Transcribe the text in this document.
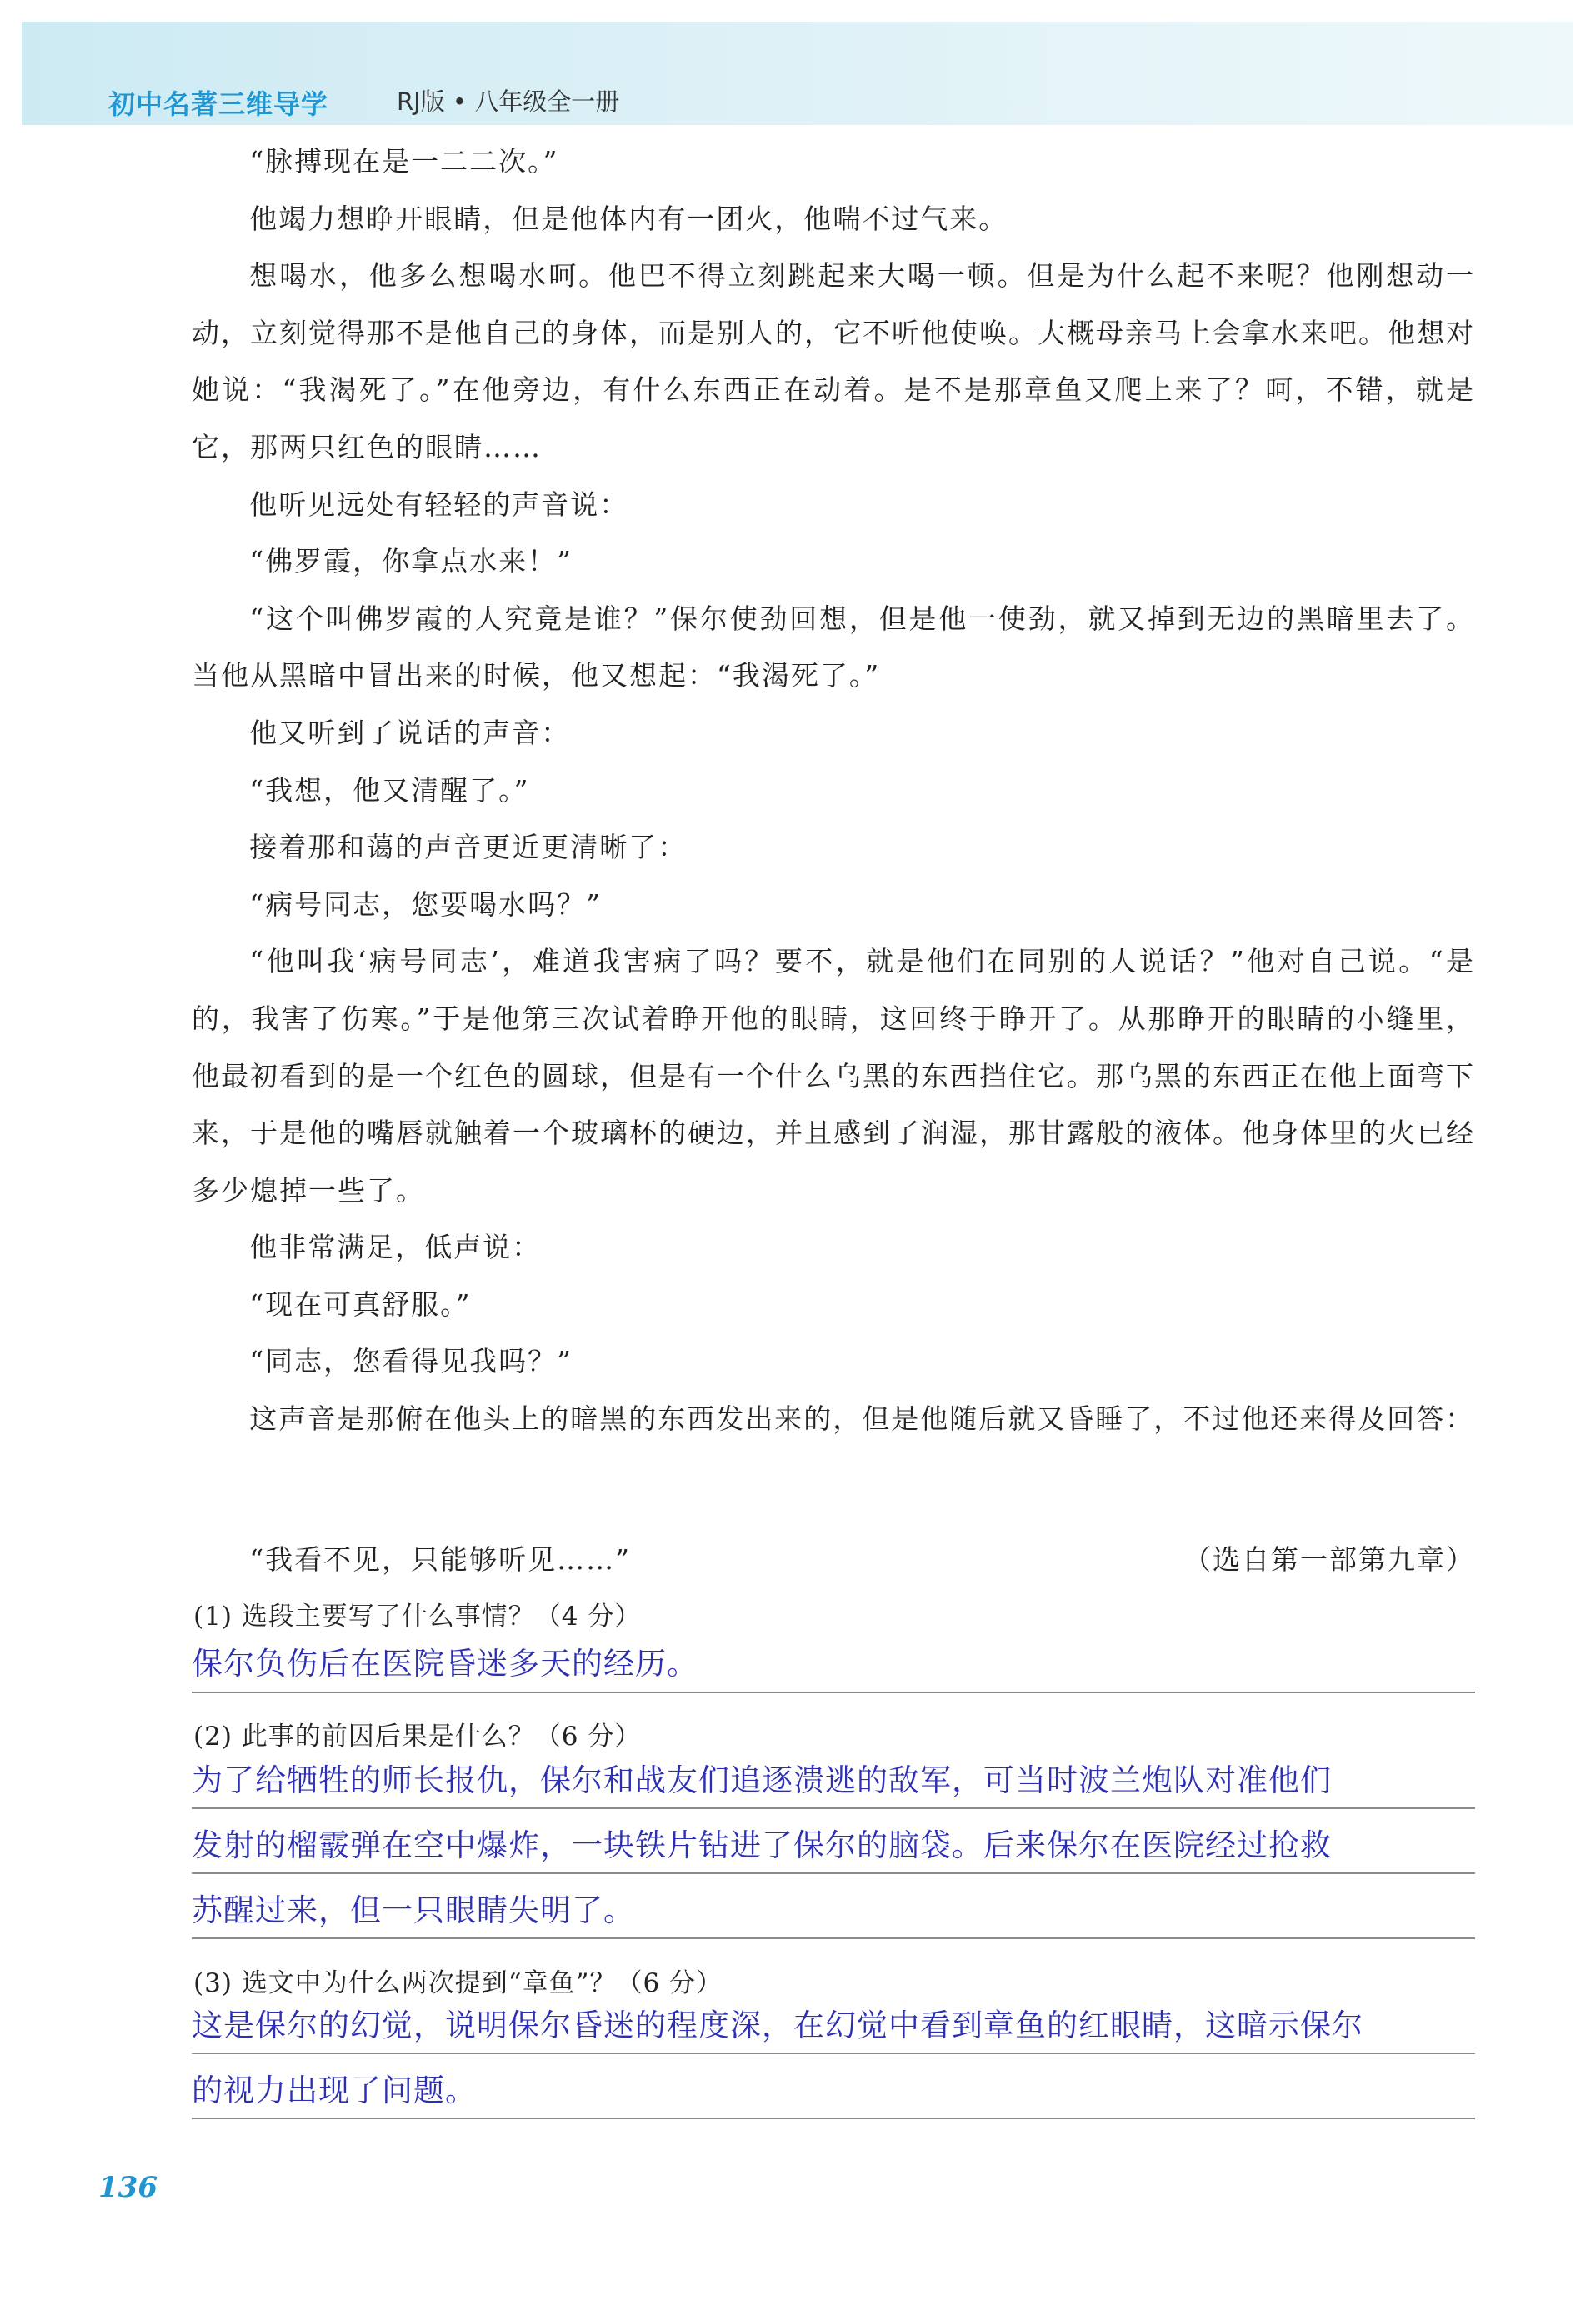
初中名著三维导学	RJ版 • 八年级全一册

“脉搏现在是一二二次。”

他竭力想睁开眼睛，但是他体内有一团火，他喘不过气来。

想喝水，他多么想喝水呵。他巴不得立刻跳起来大喝一顿。但是为什么起不来呢？他刚想动一动，立刻觉得那不是他自己的身体，而是别人的，它不听他使唤。大概母亲马上会拿水来吧。他想对她说：“我渴死了。”在他旁边，有什么东西正在动着。是不是那章鱼又爬上来了？呵，不错，就是它，那两只红色的眼睛……

他听见远处有轻轻的声音说：

“佛罗霞，你拿点水来！”

“这个叫佛罗霞的人究竟是谁？”保尔使劲回想，但是他一使劲，就又掉到无边的黑暗里去了。当他从黑暗中冒出来的时候，他又想起：“我渴死了。”

他又听到了说话的声音：

“我想，他又清醒了。”

接着那和蔼的声音更近更清晰了：

“病号同志，您要喝水吗？”

“他叫我‘病号同志’，难道我害病了吗？要不，就是他们在同别的人说话？”他对自己说。“是的，我害了伤寒。”于是他第三次试着睁开他的眼睛，这回终于睁开了。从那睁开的眼睛的小缝里，他最初看到的是一个红色的圆球，但是有一个什么乌黑的东西挡住它。那乌黑的东西正在他上面弯下来，于是他的嘴唇就触着一个玻璃杯的硬边，并且感到了润湿，那甘露般的液体。他身体里的火已经多少熄掉一些了。

他非常满足，低声说：

“现在可真舒服。”

“同志，您看得见我吗？”

这声音是那俯在他头上的暗黑的东西发出来的，但是他随后就又昏睡了，不过他还来得及回答：

“我看不见，只能够听见……”	（选自第一部第九章）
(1) 选段主要写了什么事情？（4 分）
保尔负伤后在医院昏迷多天的经历。
(2) 此事的前因后果是什么？（6 分）
为了给牺牲的师长报仇，保尔和战友们追逐溃逃的敌军，可当时波兰炮队对准他们
发射的榴霰弹在空中爆炸，一块铁片钻进了保尔的脑袋。后来保尔在医院经过抢救
苏醒过来，但一只眼睛失明了。
(3) 选文中为什么两次提到“章鱼”？（6 分）
这是保尔的幻觉，说明保尔昏迷的程度深，在幻觉中看到章鱼的红眼睛，这暗示保尔
的视力出现了问题。
136
